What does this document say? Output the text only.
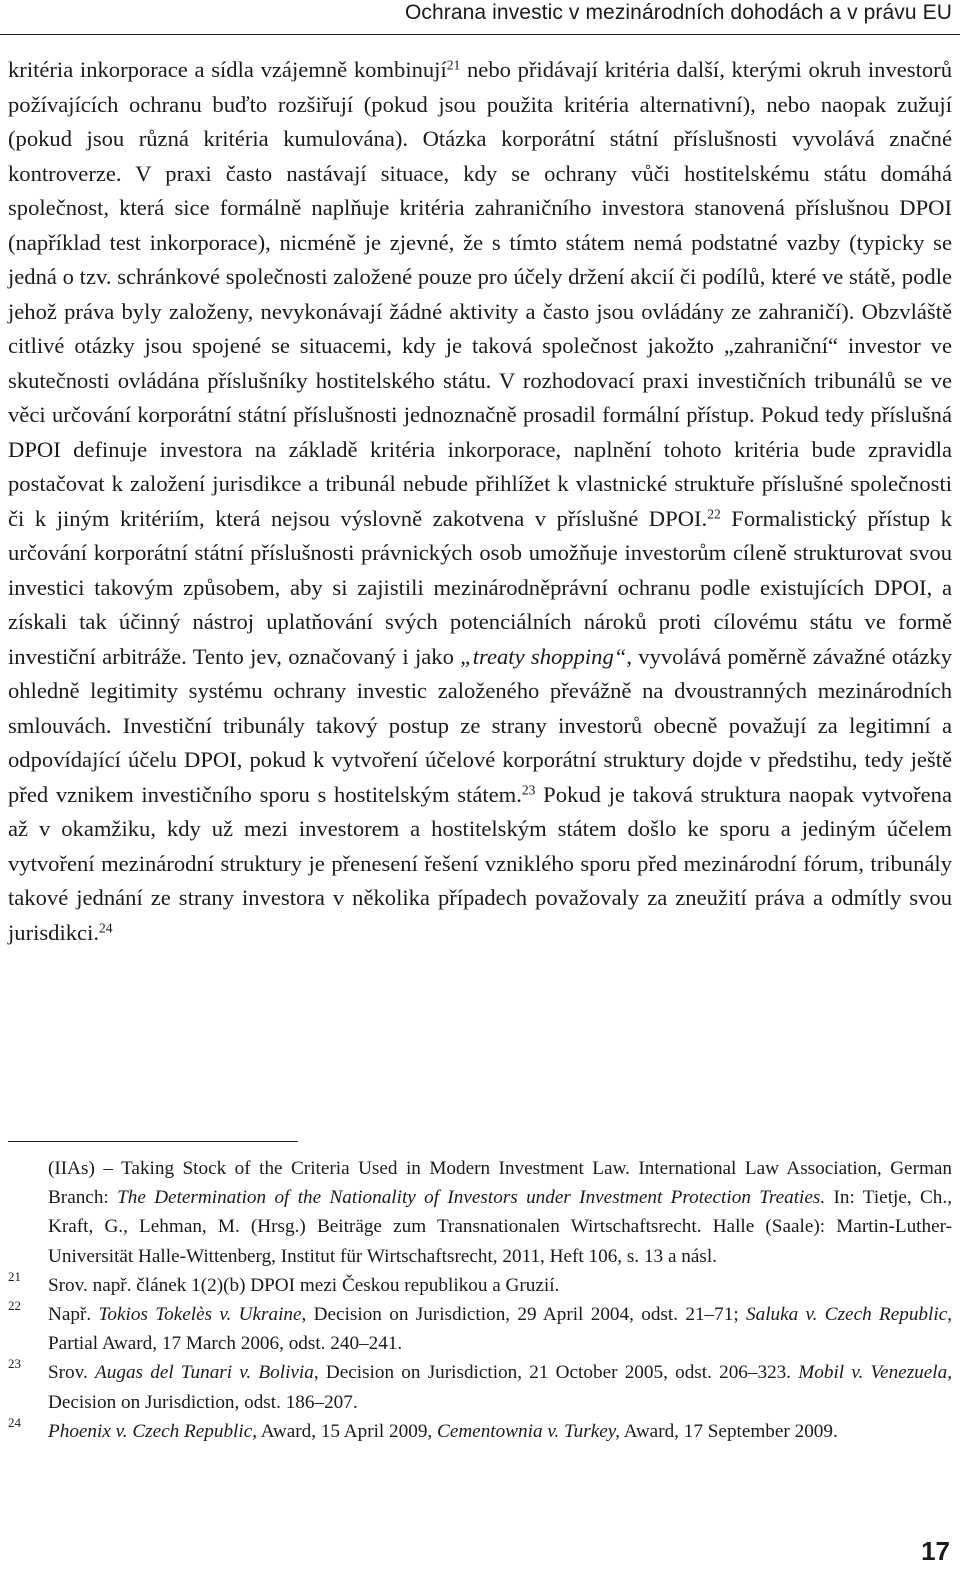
Ochrana investic v mezinárodních dohodách a v právu EU

kritéria inkorporace a sídla vzájemně kombinují$^{21}$ nebo přidávají kritéria další, kterými okruh investorů požívajících ochranu buďto rozšiřují (pokud jsou použita kritéria alternativní), nebo naopak zužují (pokud jsou různá kritéria kumulována). Otázka korporátní státní příslušnosti vyvolává značné kontroverze. V praxi často nastávají situace, kdy se ochrany vůči hostitelskému státu domáhá společnost, která sice formálně naplňuje kritéria zahraničního investora stanovená příslušnou DPOI (například test inkorporace), nicméně je zjevné, že s tímto státem nemá podstatné vazby (typicky se jedná o tzv. schránkové společnosti založené pouze pro účely držení akcií či podílů, které ve státě, podle jehož práva byly založeny, nevykonávají žádné aktivity a často jsou ovládány ze zahraničí). Obzvláště citlivé otázky jsou spojené se situacemi, kdy je taková společnost jakožto „zahraniční“ investor ve skutečnosti ovládána příslušníky hostitelského státu. V rozhodovací praxi investičních tribunálů se ve věci určování korporátní státní příslušnosti jednoznačně prosadil formální přístup. Pokud tedy příslušná DPOI definuje investora na základě kritéria inkorporace, naplnění tohoto kritéria bude zpravidla postačovat k založení jurisdikce a tribunál nebude přihlížet k vlastnické struktuře příslušné společnosti či k jiným kritériím, která nejsou výslovně zakotvena v příslušné DPOI.$^{22}$ Formalistický přístup k určování korporátní státní příslušnosti právnických osob umožňuje investorům cíleně strukturovat svou investici takovým způsobem, aby si zajistili mezinárodněprávní ochranu podle existujících DPOI, a získali tak účinný nástroj uplatňování svých potenciálních nároků proti cílovému státu ve formě investiční arbitráže. Tento jev, označovaný i jako „treaty shopping“, vyvolává poměrně závažné otázky ohledně legitimity systému ochrany investic založeného převážně na dvoustranných mezinárodních smlouvách. Investiční tribunály takový postup ze strany investorů obecně považují za legitimní a odpovídající účelu DPOI, pokud k vytvoření účelové korporátní struktury dojde v předstihu, tedy ještě před vznikem investičního sporu s hostitelským státem.$^{23}$ Pokud je taková struktura naopak vytvořena až v okamžiku, kdy už mezi investorem a hostitelským státem došlo ke sporu a jediným účelem vytvoření mezinárodní struktury je přenesení řešení vzniklého sporu před mezinárodní fórum, tribunály takové jednání ze strany investora v několika případech považovaly za zneužití práva a odmítly svou jurisdikci.$^{24}$

(IIAs) – Taking Stock of the Criteria Used in Modern Investment Law. International Law Association, German Branch: The Determination of the Nationality of Investors under Investment Protection Treaties. In: Tietje, Ch., Kraft, G., Lehman, M. (Hrsg.) Beiträge zum Transnationalen Wirtschaftsrecht. Halle (Saale): Martin-Luther-Universität Halle-Wittenberg, Institut für Wirtschaftsrecht, 2011, Heft 106, s. 13 a násl.
21 Srov. např. článek 1(2)(b) DPOI mezi Českou republikou a Gruzií.
22 Např. Tokios Tokelès v. Ukraine, Decision on Jurisdiction, 29 April 2004, odst. 21–71; Saluka v. Czech Republic, Partial Award, 17 March 2006, odst. 240–241.
23 Srov. Augas del Tunari v. Bolivia, Decision on Jurisdiction, 21 October 2005, odst. 206–323. Mobil v. Venezuela, Decision on Jurisdiction, odst. 186–207.
24 Phoenix v. Czech Republic, Award, 15 April 2009, Cementownia v. Turkey, Award, 17 September 2009.
17
